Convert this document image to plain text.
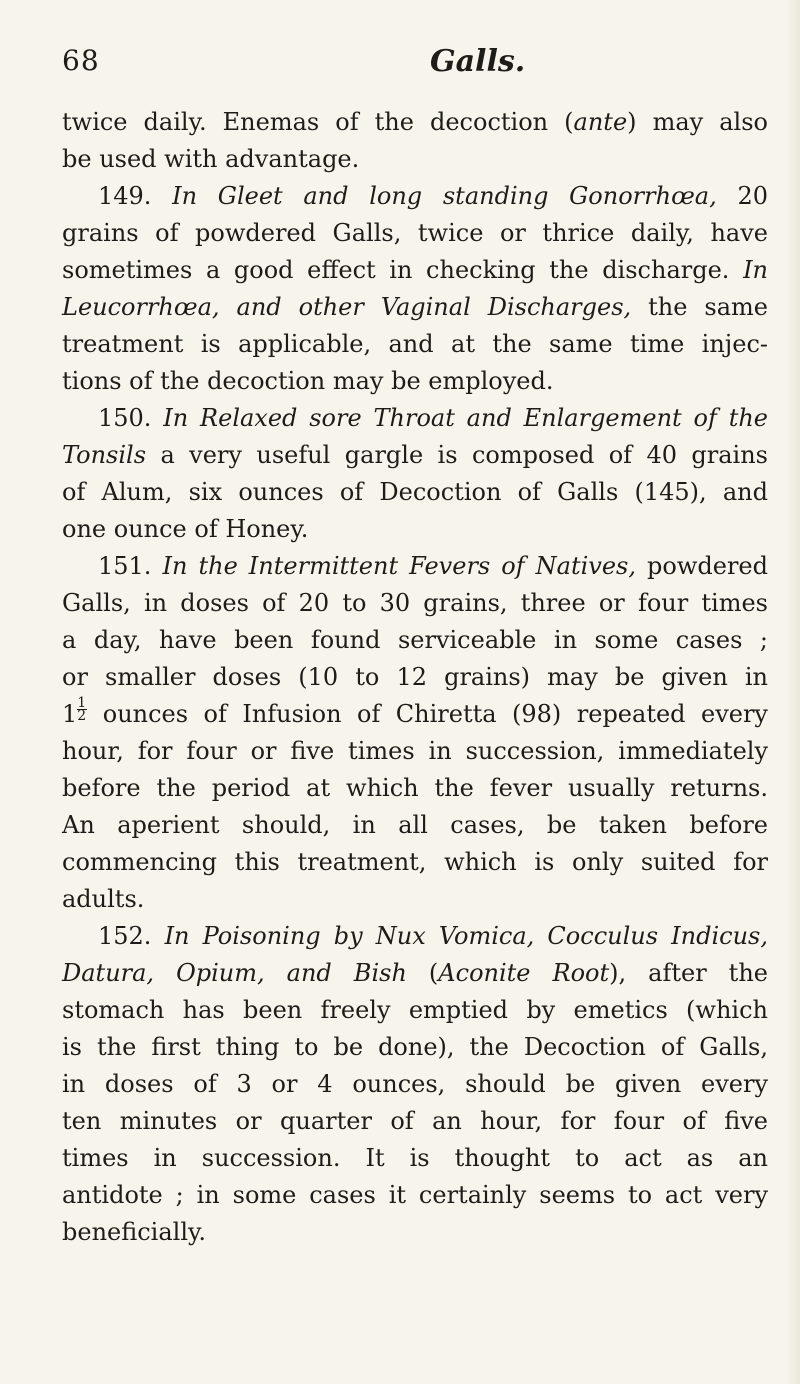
68	Galls.
twice daily. Enemas of the decoction (ante) may also
be used with advantage.
149. In Gleet and long standing Gonorrhœa, 20
grains of powdered Galls, twice or thrice daily, have
sometimes a good effect in checking the discharge. In
Leucorrhœa, and other Vaginal Discharges, the same
treatment is applicable, and at the same time injec-
tions of the decoction may be employed.
150. In Relaxed sore Throat and Enlargement of the
Tonsils a very useful gargle is composed of 40 grains
of Alum, six ounces of Decoction of Galls (145), and
one ounce of Honey.
151. In the Intermittent Fevers of Natives, powdered
Galls, in doses of 20 to 30 grains, three or four times
a day, have been found serviceable in some cases ;
or smaller doses (10 to 12 grains) may be given in
$1 \frac{1}{2}$ ounces of Infusion of Chiretta (98) repeated every
hour, for four or five times in succession, immediately
before the period at which the fever usually returns.
An aperient should, in all cases, be taken before
commencing this treatment, which is only suited for
adults.
152. In Poisoning by Nux Vomica, Cocculus Indicus,
Datura, Opium, and Bish (Aconite Root), after the
stomach has been freely emptied by emetics (which
is the first thing to be done), the Decoction of Galls,
in doses of 3 or 4 ounces, should be given every
ten minutes or quarter of an hour, for four of five
times in succession. It is thought to act as an
antidote ; in some cases it certainly seems to act very
beneficially.
